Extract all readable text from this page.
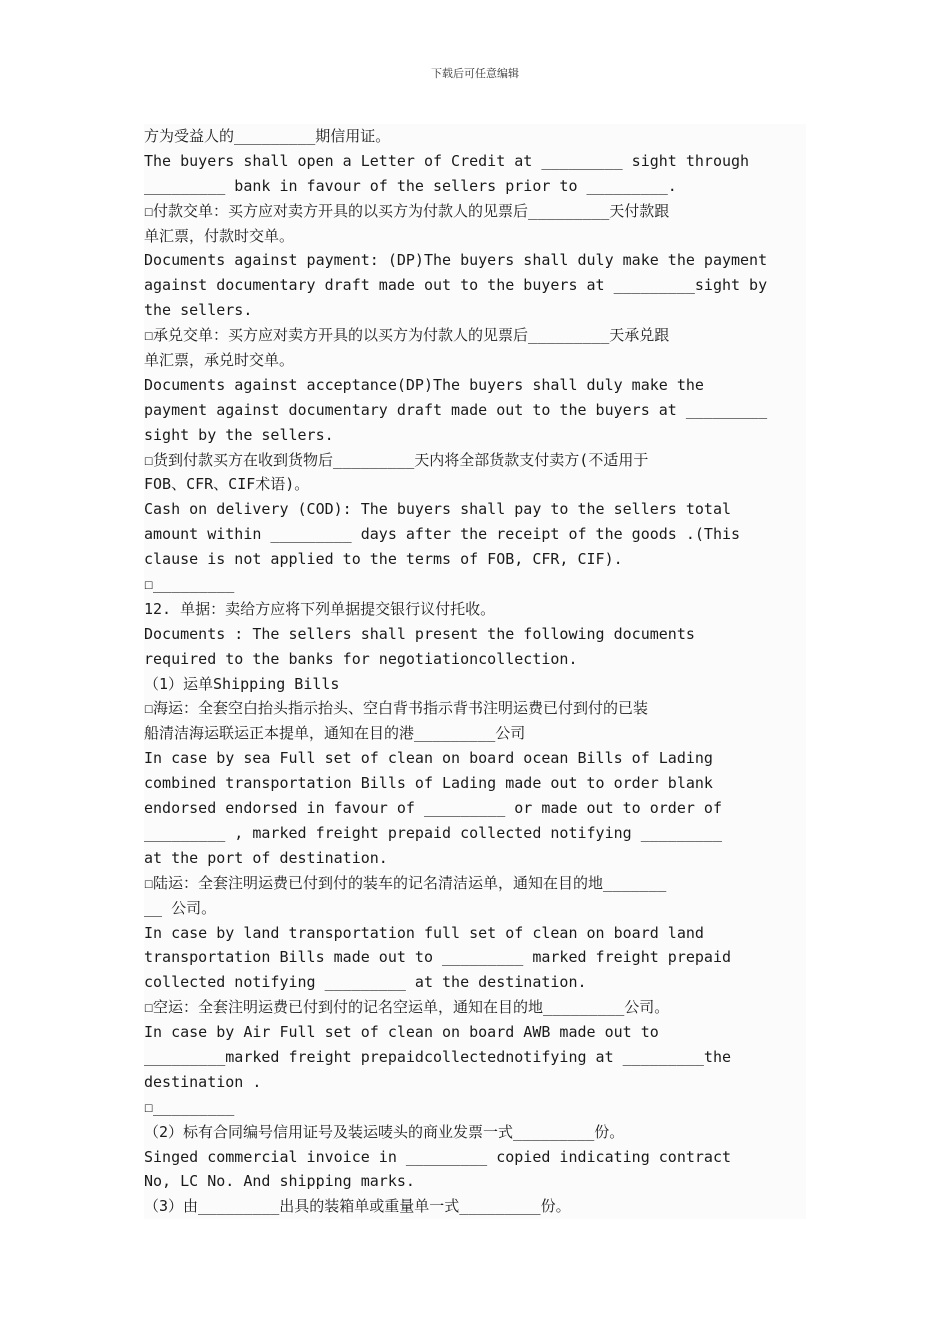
下载后可任意编辑
方为受益人的_________期信用证。
The buyers shall open a Letter of Credit at _________ sight through
_________ bank in favour of the sellers prior to _________.
☐付款交单：买方应对卖方开具的以买方为付款人的见票后_________天付款跟
单汇票，付款时交单。
Documents against payment: (DP)The buyers shall duly make the payment
against documentary draft made out to the buyers at _________sight by
the sellers.
☐承兑交单：买方应对卖方开具的以买方为付款人的见票后_________天承兑跟
单汇票，承兑时交单。
Documents against acceptance(DP)The buyers shall duly make the
payment against documentary draft made out to the buyers at _________
sight by the sellers.
☐货到付款买方在收到货物后_________天内将全部货款支付卖方(不适用于
FOB、CFR、CIF术语)。
Cash on delivery (COD): The buyers shall pay to the sellers total
amount within _________ days after the receipt of the goods .(This
clause is not applied to the terms of FOB, CFR, CIF).
☐_________
12. 单据：卖给方应将下列单据提交银行议付托收。
Documents : The sellers shall present the following documents
required to the banks for negotiationcollection.
（1）运单Shipping Bills
☐海运：全套空白抬头指示抬头、空白背书指示背书注明运费已付到付的已装
船清洁海运联运正本提单，通知在目的港_________公司
In case by sea Full set of clean on board ocean Bills of Lading
combined transportation Bills of Lading made out to order blank
endorsed endorsed in favour of _________ or made out to order of
_________ , marked freight prepaid collected notifying _________
at the port of destination.
☐陆运：全套注明运费已付到付的装车的记名清洁运单，通知在目的地_______
__ 公司。
In case by land transportation full set of clean on board land
transportation Bills made out to _________ marked freight prepaid
collected notifying _________ at the destination.
☐空运：全套注明运费已付到付的记名空运单，通知在目的地_________公司。
In case by Air Full set of clean on board AWB made out to
_________marked freight prepaidcollectednotifying at _________the
destination .
☐_________
（2）标有合同编号信用证号及装运唛头的商业发票一式_________份。
Singed commercial invoice in _________ copied indicating contract
No, LC No. And shipping marks.
（3）由_________出具的装箱单或重量单一式_________份。
